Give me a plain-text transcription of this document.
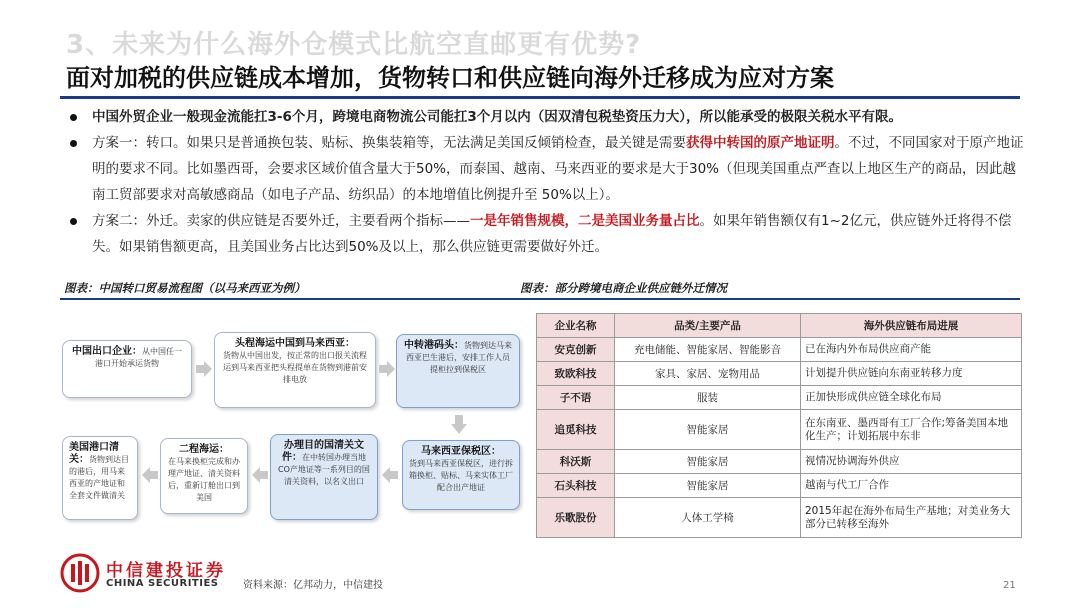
3、未来为什么海外仓模式比航空直邮更有优势?
面对加税的供应链成本增加，货物转口和供应链向海外迁移成为应对方案
中国外贸企业一般现金流能扛3-6个月，跨境电商物流公司能扛3个月以内（因双清包税垫资压力大），所以能承受的极限关税水平有限。
方案一：转口。如果只是普通换包装、贴标、换集装箱等，无法满足美国反倾销检查，最关键是需要获得中转国的原产地证明。不过，不同国家对于原产地证明的要求不同。比如墨西哥，会要求区域价值含量大于50%，而泰国、越南、马来西亚的要求是大于30%（但现美国重点严查以上地区生产的商品，因此越南工贸部要求对高敏感商品（如电子产品、纺织品）的本地增值比例提升至 50%以上）。
方案二：外迁。卖家的供应链是否要外迁，主要看两个指标——一是年销售规模，二是美国业务量占比。如果年销售额仅有1~2亿元，供应链外迁将得不偿失。如果销售额更高，且美国业务占比达到50%及以上，那么供应链更需要做好外迁。
图表：中国转口贸易流程图（以马来西亚为例）	图表：部分跨境电商企业供应链外迁情况
中国出口企业：从中国任一港口开始承运货物
头程海运中国到马来西亚：
货物从中国出发，按正常的出口报关流程运到马来西亚把头程提单在货物到港前安排电放
中转港码头：货物到达马来西亚巴生港后，安排工作人员提柜拉到保税区
马来西亚保税区：
货到马来西亚保税区，进行拆箱换柜、贴标、马来实体工厂配合出产地证
办理目的国清关文件：在中转国办理当地CO产地证等一系列目的国清关资料，以名义出口
二程海运：
在马来换柜完成和办理产地证、清关资料后，重新订舱出口到美国
美国港口清关：货物到达目的港后，用马来西亚的产地证和全套文件做清关
企业名称	品类/主要产品	海外供应链布局进展
安克创新	充电储能、智能家居、智能影音	已在海内外布局供应商产能
致欧科技	家具、家居、宠物用品	计划提升供应链向东南亚转移力度
子不语	服装	正加快形成供应链全球化布局
追觅科技	智能家居	在东南亚、墨西哥有工厂合作;筹备美国本地化生产；计划拓展中东非
科沃斯	智能家居	视情况协调海外供应
石头科技	智能家居	越南与代工厂合作
乐歌股份	人体工学椅	2015年起在海外布局生产基地；对美业务大部分已转移至海外
中信建投证券
CHINA SECURITIES 资料来源：亿邦动力，中信建投	21
